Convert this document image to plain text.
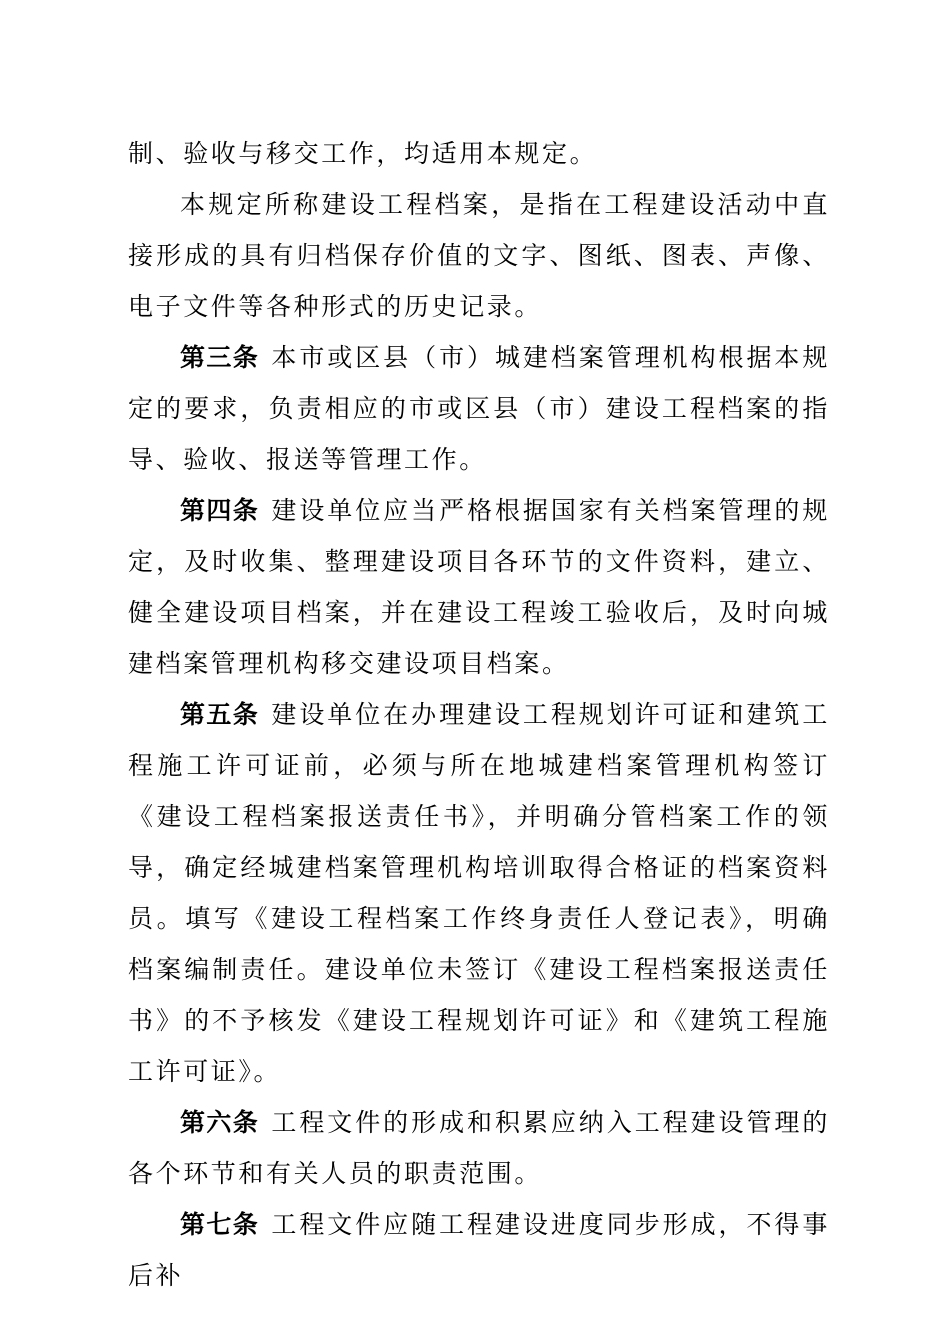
制、验收与移交工作，均适用本规定。

本规定所称建设工程档案，是指在工程建设活动中直接形成的具有归档保存价值的文字、图纸、图表、声像、电子文件等各种形式的历史记录。

第三条 本市或区县（市）城建档案管理机构根据本规定的要求，负责相应的市或区县（市）建设工程档案的指导、验收、报送等管理工作。

第四条 建设单位应当严格根据国家有关档案管理的规定，及时收集、整理建设项目各环节的文件资料，建立、健全建设项目档案，并在建设工程竣工验收后，及时向城建档案管理机构移交建设项目档案。

第五条 建设单位在办理建设工程规划许可证和建筑工程施工许可证前，必须与所在地城建档案管理机构签订《建设工程档案报送责任书》，并明确分管档案工作的领导，确定经城建档案管理机构培训取得合格证的档案资料员。填写《建设工程档案工作终身责任人登记表》，明确档案编制责任。建设单位未签订《建设工程档案报送责任书》的不予核发《建设工程规划许可证》和《建筑工程施工许可证》。

第六条 工程文件的形成和积累应纳入工程建设管理的各个环节和有关人员的职责范围。

第七条 工程文件应随工程建设进度同步形成，不得事后补
